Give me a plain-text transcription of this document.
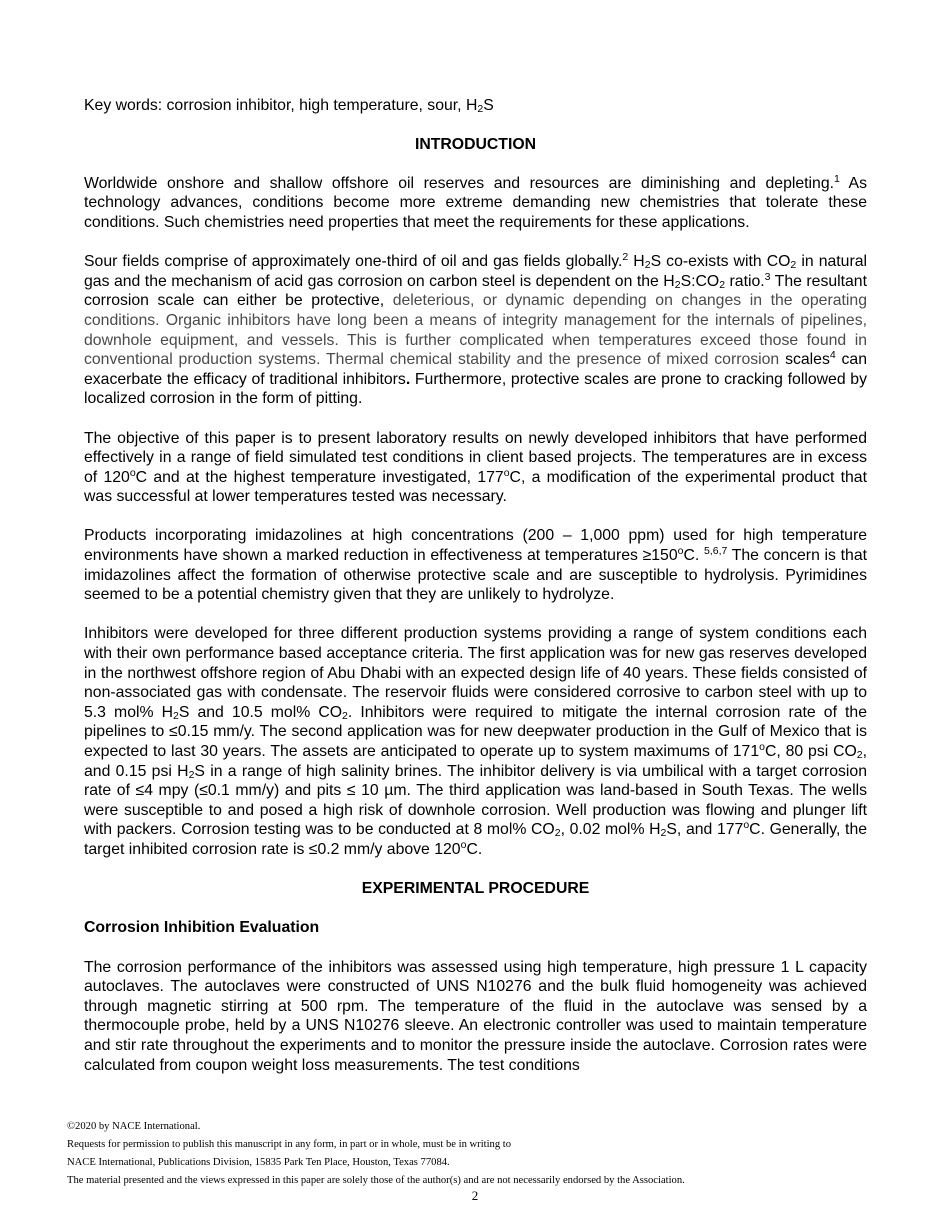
Key words: corrosion inhibitor, high temperature, sour, $H_2S$

INTRODUCTION

Worldwide onshore and shallow offshore oil reserves and resources are diminishing and depleting.$^1$ As technology advances, conditions become more extreme demanding new chemistries that tolerate these conditions. Such chemistries need properties that meet the requirements for these applications.

Sour fields comprise of approximately one-third of oil and gas fields globally.$^2$ $H_2S$ co-exists with $CO_2$ in natural gas and the mechanism of acid gas corrosion on carbon steel is dependent on the $H_2S:CO_2$ ratio.$^3$ The resultant corrosion scale can either be protective, deleterious, or dynamic depending on changes in the operating conditions. Organic inhibitors have long been a means of integrity management for the internals of pipelines, downhole equipment, and vessels. This is further complicated when temperatures exceed those found in conventional production systems. Thermal chemical stability and the presence of mixed corrosion scales$^4$ can exacerbate the efficacy of traditional inhibitors. Furthermore, protective scales are prone to cracking followed by localized corrosion in the form of pitting.

The objective of this paper is to present laboratory results on newly developed inhibitors that have performed effectively in a range of field simulated test conditions in client based projects. The temperatures are in excess of 120$^o$C and at the highest temperature investigated, 177$^o$C, a modification of the experimental product that was successful at lower temperatures tested was necessary.

Products incorporating imidazolines at high concentrations (200 – 1,000 ppm) used for high temperature environments have shown a marked reduction in effectiveness at temperatures $\ge 150^oC$. $^{5,6,7}$ The concern is that imidazolines affect the formation of otherwise protective scale and are susceptible to hydrolysis. Pyrimidines seemed to be a potential chemistry given that they are unlikely to hydrolyze.

Inhibitors were developed for three different production systems providing a range of system conditions each with their own performance based acceptance criteria. The first application was for new gas reserves developed in the northwest offshore region of Abu Dhabi with an expected design life of 40 years. These fields consisted of non-associated gas with condensate. The reservoir fluids were considered corrosive to carbon steel with up to 5.3 mol% $H_2S$ and 10.5 mol% $CO_2$. Inhibitors were required to mitigate the internal corrosion rate of the pipelines to ≤0.15 mm/y. The second application was for new deepwater production in the Gulf of Mexico that is expected to last 30 years. The assets are anticipated to operate up to system maximums of 171$^o$C, 80 psi $CO_2$, and 0.15 psi $H_2S$ in a range of high salinity brines. The inhibitor delivery is via umbilical with a target corrosion rate of ≤4 mpy (≤0.1 mm/y) and pits ≤ 10 µm. The third application was land-based in South Texas. The wells were susceptible to and posed a high risk of downhole corrosion. Well production was flowing and plunger lift with packers. Corrosion testing was to be conducted at 8 mol% $CO_2$, 0.02 mol% $H_2S$, and 177$^o$C. Generally, the target inhibited corrosion rate is ≤0.2 mm/y above 120$^o$C.

EXPERIMENTAL PROCEDURE
Corrosion Inhibition Evaluation

The corrosion performance of the inhibitors was assessed using high temperature, high pressure 1 L capacity autoclaves. The autoclaves were constructed of UNS N10276 and the bulk fluid homogeneity was achieved through magnetic stirring at 500 rpm. The temperature of the fluid in the autoclave was sensed by a thermocouple probe, held by a UNS N10276 sleeve. An electronic controller was used to maintain temperature and stir rate throughout the experiments and to monitor the pressure inside the autoclave. Corrosion rates were calculated from coupon weight loss measurements. The test conditions

©2020 by NACE International.
Requests for permission to publish this manuscript in any form, in part or in whole, must be in writing to
NACE International, Publications Division, 15835 Park Ten Place, Houston, Texas 77084.
The material presented and the views expressed in this paper are solely those of the author(s) and are not necessarily endorsed by the Association.
2
